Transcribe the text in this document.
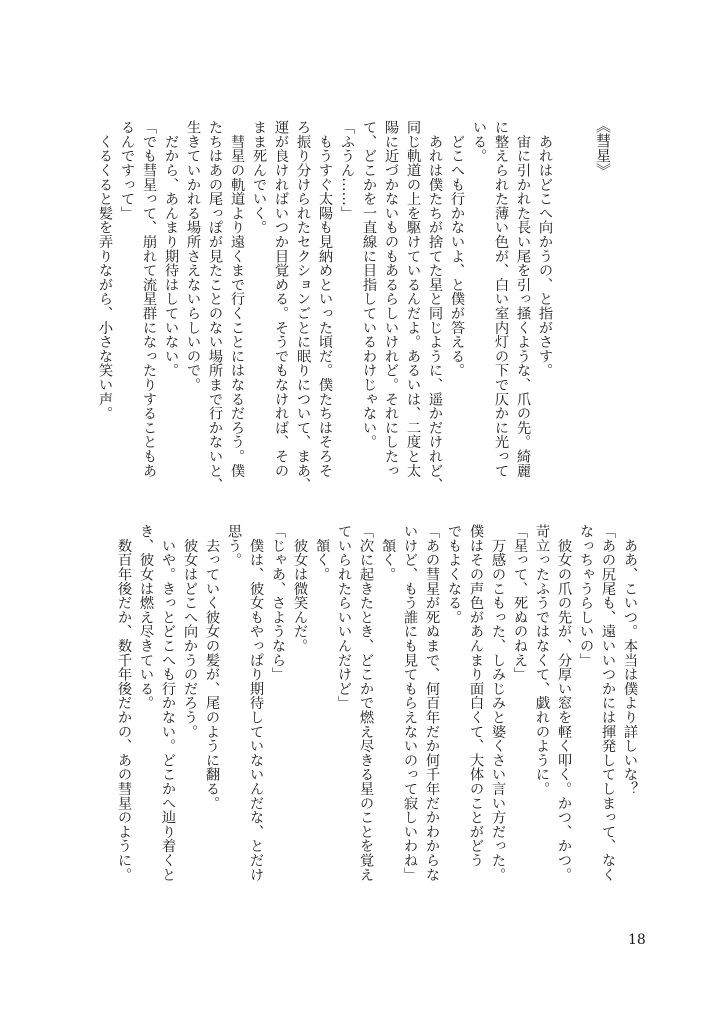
《彗星》
　あれはどこへ向かうの、と指がさす。
　宙に引かれた長い尾を引っ掻くような、爪の先。綺麗
に整えられた薄い色が、白い室内灯の下で仄かに光って
いる。
　どこへも行かないよ、と僕が答える。
　あれは僕たちが捨てた星と同じように、遥かだけれど、
同じ軌道の上を駆けているんだよ。あるいは、二度と太
陽に近づかないものもあるらしいけれど。それにしたっ
て、どこかを一直線に目指しているわけじゃない。
「ふうん……」
　もうすぐ太陽も見納めといった頃だ。僕たちはそろそ
ろ振り分けられたセクションごとに眠りについて、まあ、
運が良ければいつか目覚める。そうでもなければ、その
まま死んでいく。
　彗星の軌道より遠くまで行くことにはなるだろう。僕
たちはあの尾っぽが見たことのない場所まで行かないと、
生きていかれる場所さえないらしいので。
　だから、あんまり期待はしていない。
「でも彗星って、崩れて流星群になったりすることもあ
るんですって」
　くるくると髪を弄りながら、小さな笑い声。
　ああ、こいつ。本当は僕より詳しいな？
「あの尻尾も、遠いいつかには揮発してしまって、なく
なっちゃうらしいの」
　彼女の爪の先が、分厚い窓を軽く叩く。かつ、かつ。
苛立ったふうではなくて、戯れのように。
「星って、死ぬのねえ」
　万感のこもった、しみじみと婆くさい言い方だった。
僕はその声色があんまり面白くて、大体のことがどう
でもよくなる。
「あの彗星が死ぬまで、何百年だか何千年だかわからな
いけど、もう誰にも見てもらえないのって寂しいわね」
　頷く。
「次に起きたとき、どこかで燃え尽きる星のことを覚え
ていられたらいいんだけど」
　頷く。
　彼女は微笑んだ。
「じゃあ、さようなら」
　僕は、彼女もやっぱり期待していないんだな、とだけ
思う。
　去っていく彼女の髪が、尾のように翻る。
　彼女はどこへ向かうのだろう。
　いや。きっとどこへも行かない。どこかへ辿り着くと
き、彼女は燃え尽きている。
　数百年後だか、数千年後だかの、あの彗星のように。
18
